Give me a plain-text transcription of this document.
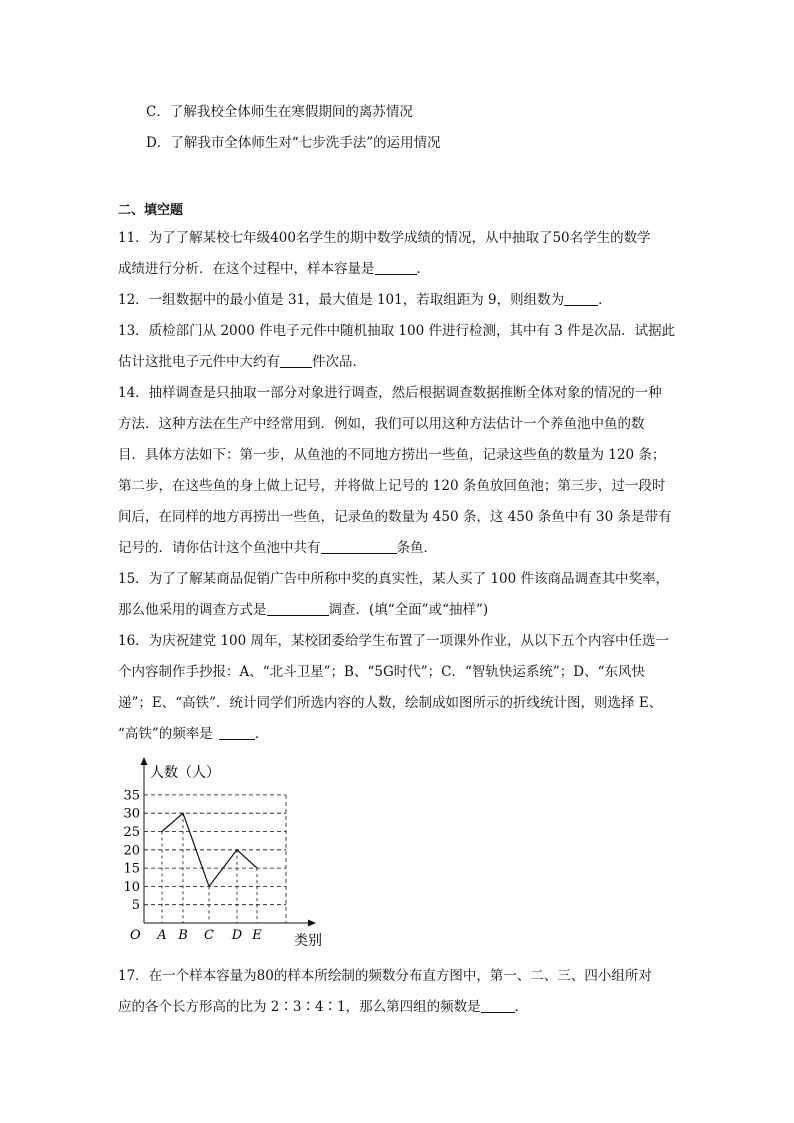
C．了解我校全体师生在寒假期间的离苏情况
D．了解我市全体师生对“七步洗手法”的运用情况
二、填空题
11．为了了解某校七年级400名学生的期中数学成绩的情况，从中抽取了50名学生的数学
成绩进行分析．在这个过程中，样本容量是	．
12．一组数据中的最小值是 31，最大值是 101，若取组距为 9，则组数为	．
13．质检部门从 2000 件电子元件中随机抽取 100 件进行检测，其中有 3 件是次品．试据此
估计这批电子元件中大约有 件次品．
14．抽样调查是只抽取一部分对象进行调查，然后根据调查数据推断全体对象的情况的一种
方法．这种方法在生产中经常用到．例如，我们可以用这种方法估计一个养鱼池中鱼的数
目．具体方法如下：第一步，从鱼池的不同地方捞出一些鱼，记录这些鱼的数量为 120 条；
第二步，在这些鱼的身上做上记号，并将做上记号的 120 条鱼放回鱼池；第三步，过一段时
间后，在同样的地方再捞出一些鱼，记录鱼的数量为 450 条，这 450 条鱼中有 30 条是带有
记号的．请你估计这个鱼池中共有	条鱼．
15．为了了解某商品促销广告中所称中奖的真实性，某人买了 100 件该商品调查其中奖率，
那么他采用的调查方式是	调查．(填“全面”或“抽样”)
16．为庆祝建党 100 周年，某校团委给学生布置了一项课外作业，从以下五个内容中任选一
个内容制作手抄报：A、“北斗卫星”；B、“5G时代”；C．“智轨快运系统”；D、“东风快
递”；E、“高铁”．统计同学们所选内容的人数，绘制成如图所示的折线统计图，则选择 E、
“高铁”的频率是	．
人数（人）
类别
O
5
10
15
20
25
30
35
A B C D E
17．在一个样本容量为80的样本所绘制的频数分布直方图中，第一、二、三、四小组所对
应的各个长方形高的比为 2∶3∶4∶1，那么第四组的频数是	．
